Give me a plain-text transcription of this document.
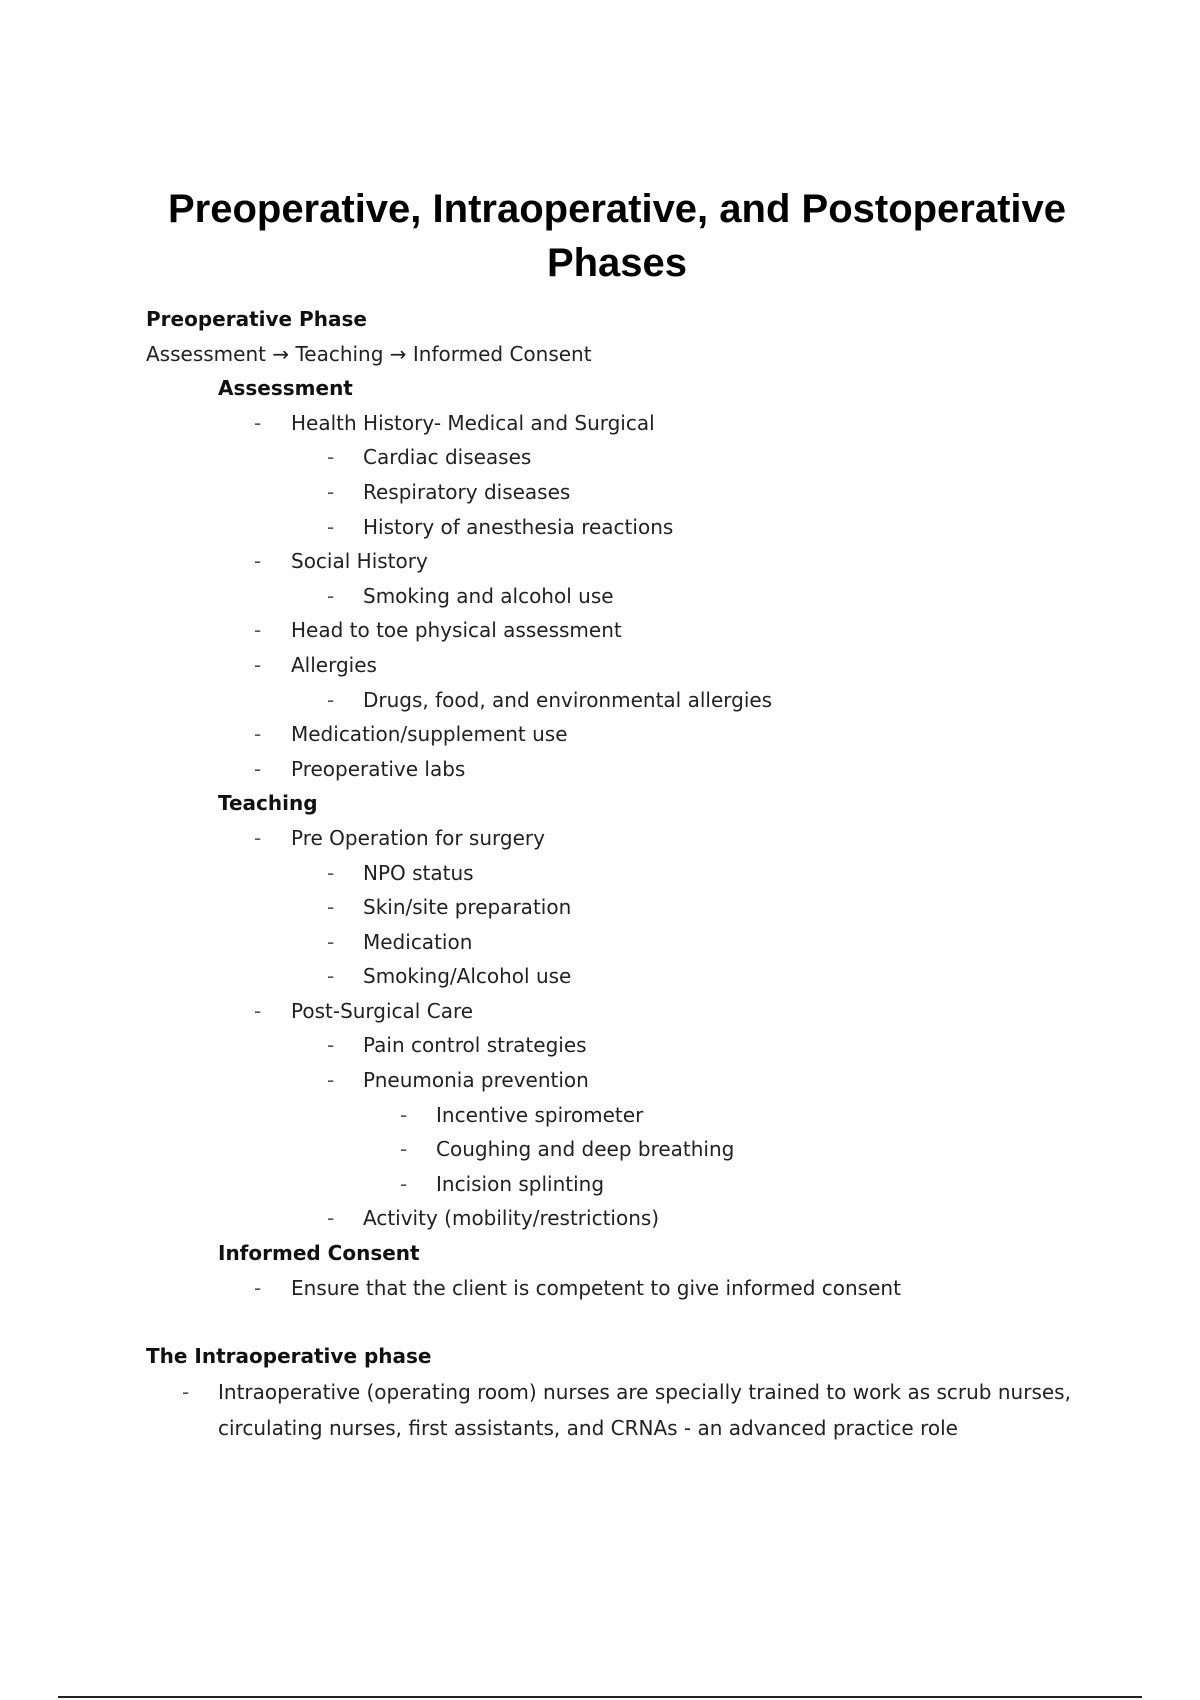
Preoperative, Intraoperative, and Postoperative Phases
Preoperative Phase
Assessment → Teaching → Informed Consent
Assessment
- Health History- Medical and Surgical
- Cardiac diseases
- Respiratory diseases
- History of anesthesia reactions
- Social History
- Smoking and alcohol use
- Head to toe physical assessment
- Allergies
- Drugs, food, and environmental allergies
- Medication/supplement use
- Preoperative labs
Teaching
- Pre Operation for surgery
- NPO status
- Skin/site preparation
- Medication
- Smoking/Alcohol use
- Post-Surgical Care
- Pain control strategies
- Pneumonia prevention
- Incentive spirometer
- Coughing and deep breathing
- Incision splinting
- Activity (mobility/restrictions)
Informed Consent
- Ensure that the client is competent to give informed consent
The Intraoperative phase
- Intraoperative (operating room) nurses are specially trained to work as scrub nurses, circulating nurses, first assistants, and CRNAs - an advanced practice role
